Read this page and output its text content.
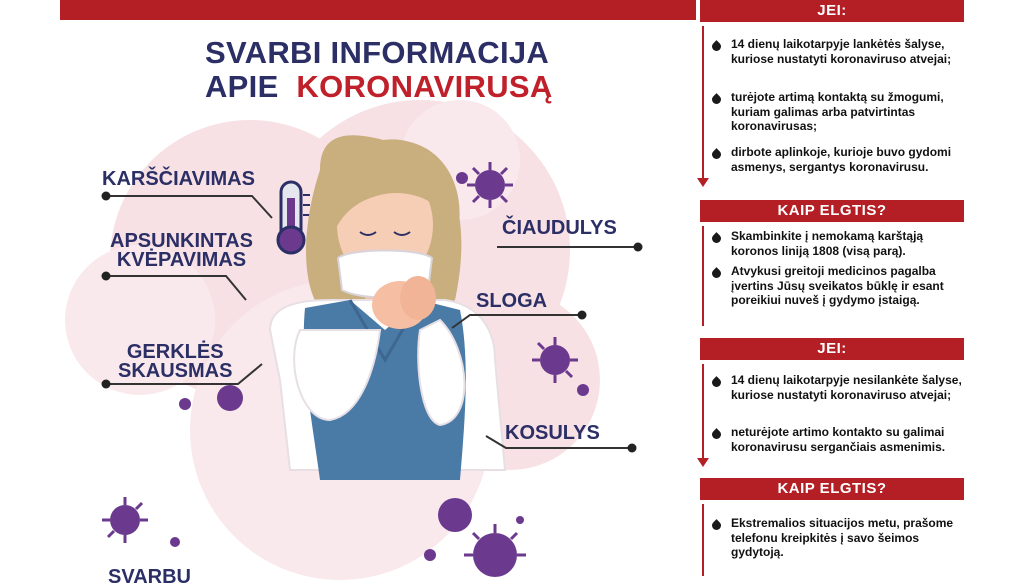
SVARBI INFORMACIJA
APIE KORONAVIRUSĄ
KARŠČIAVIMAS
APSUNKINTAS
KVĖPAVIMAS
GERKLĖS
SKAUSMAS
ČIAUDULYS
SLOGA
KOSULYS
SVARBU
JEI:
14 dienų laikotarpyje lankėtės šalyse, kuriose nustatyti koronaviruso atvejai;
turėjote artimą kontaktą su žmogumi, kuriam galimas arba patvirtintas koronavirusas;
dirbote aplinkoje, kurioje buvo gydomi asmenys, sergantys koronavirusu.
KAIP ELGTIS?
Skambinkite į nemokamą karštąją koronos liniją 1808 (visą parą).
Atvykusi greitoji medicinos pagalba įvertins Jūsų sveikatos būklę ir esant poreikiui nuveš į gydymo įstaigą.
JEI:
14 dienų laikotarpyje nesilankėte šalyse, kuriose nustatyti koronaviruso atvejai;
neturėjote artimo kontakto su galimai koronavirusu sergančiais asmenimis.
KAIP ELGTIS?
Ekstremalios situacijos metu, prašome telefonu kreipkitės į savo šeimos gydytoją.
